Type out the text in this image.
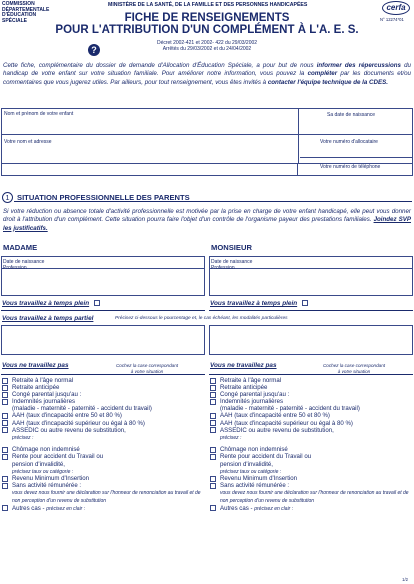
COMMISSION DÉPARTEMENTALE D'ÉDUCATION SPÉCIALE
MINISTÈRE DE LA SANTÉ, DE LA FAMILLE ET DES PERSONNES HANDICAPÉES	cerfa
N° 12274*01
FICHE DE RENSEIGNEMENTS
POUR L'ATTRIBUTION D'UN COMPLÉMENT À L'A. E. S.
?
Décret 2002-421 et 2002- 422 du 29/03/2002
Arrêtés du 29/03/2002 et du 24/04/2002
Cette fiche, complémentaire du dossier de demande d'Allocation d'Éducation Spéciale, a pour but de nous informer des répercussions du handicap de votre enfant sur votre situation familiale. Pour améliorer notre information, vous pouvez la compléter par les documents et/ou commentaires que vous jugerez utiles. Par ailleurs, pour tout renseignement, vous êtes invités à contacter l'équipe technique de la CDES.
Nom et prénom de votre enfant	Sa date de naissance
Votre nom et adresse	Votre numéro d'allocataire
Votre numéro de téléphone
1 SITUATION PROFESSIONNELLE DES PARENTS
Si votre réduction ou absence totale d'activité professionnelle est motivée par la prise en charge de votre enfant handicapé, elle peut vous donner droit à l'attribution d'un complément. Cette situation pourra faire l'objet d'un contrôle de l'organisme payeur des prestations familiales. Joindez SVP les justificatifs.
MADAME
Date de naissance
Profession
Vous travaillez à temps plein
Vous travaillez à temps partiel
Vous ne travaillez pas	Cochez la case correspondant à votre situation
Retraite à l'âge normal
Retraite anticipée
Congé parental jusqu'au :
Indemnités journalières
(maladie - maternité - paternité - accident du travail)
AAH (taux d'incapacité entre 50 et 80 %)
AAH (taux d'incapacité supérieur ou égal à 80 %)
ASSEDIC ou autre revenu de substitution,
précisez :
Chômage non indemnisé
Rente pour accident du Travail ou
pension d'invalidité,
précisez taux ou catégorie :
Revenu Minimum d'Insertion
Sans activité rémunérée :
vous devez nous fournir une déclaration sur l'honneur de renonciation au travail et de non perception d'un revenu de substitution
Autres cas - précisez en clair :
MONSIEUR
Date de naissance
Profession
Vous travaillez à temps plein
Précisez ci-dessous le pourcentage et, le cas échéant, les modalités particulières
Vous ne travaillez pas	Cochez la case correspondant à votre situation
Retraite à l'âge normal
Retraite anticipée
Congé parental jusqu'au :
Indemnités journalières
(maladie - maternité - paternité - accident du travail)
AAH (taux d'incapacité entre 50 et 80 %)
AAH (taux d'incapacité supérieur ou égal à 80 %)
ASSEDIC ou autre revenu de substitution,
précisez :
Chômage non indemnisé
Rente pour accident du Travail ou
pension d'invalidité,
précisez taux ou catégorie :
Revenu Minimum d'Insertion
Sans activité rémunérée :
vous devez nous fournir une déclaration sur l'honneur de renonciation au travail et de non perception d'un revenu de substitution
Autres cas - précisez en clair :
1/2
